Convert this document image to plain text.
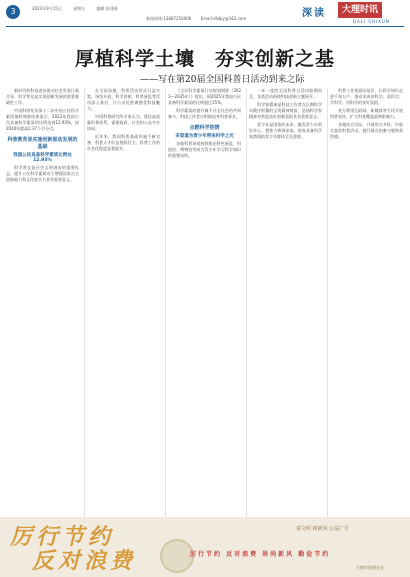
3	2023年9月15日	星期五	编辑:张建春
新闻热线:13887250006 Email:dlsbjy@163.com	深读	大理时讯
DALI SHIXUN
厚植科学土壤　夯实创新之基
——写在第20届全国科普日活动到来之际

新时代的科技进步推动社会发展日新月异，科学普及是实现创新发展的重要基础性工作。

中国科协发布第十二次中国公民科学素质抽样调查结果显示，2022年我国公民具备科学素质的比例达到12.93%，较2020年提高2.37个百分点。

科普教育是实施创新驱动发展的基础
我国公民具备科学素质比例达12.93%

科学普及是社会文明进步的重要标志，提升公民科学素质对于增强国家自主创新能力和文化软实力具有重要意义。

在全国各地，科普活动形式日益丰富，场馆开放、科学讲座、科普展览等活动深入基层，让公众近距离感受科技魅力。

中国科普研究所专家认为，建设高质量科普体系，需要政府、社会和公众多方协同。

近年来，我国科普基础设施不断完善，科普人才队伍持续壮大，科普工作的社会化程度显著提升。

《全民科学素质行动规划纲要（2021—2035年）》提出，到2025年我国公民具备科学素质的比例超过15%。

科学素质的提升离不开全社会的共同参与，科技工作者应积极投身科普事业。

点燃科学热情
多渠道为青少年带来科学之光

各地科普场馆持续推出特色展览，科技馆、博物馆等成为青少年学习科学知识的重要场所。

一年一度的全国科普日活动如期而至，各类活动围绕科技创新主题展开。

科学家精神是科技工作者在长期科学实践中积累的宝贵精神财富，弘扬科学家精神对营造良好创新氛围具有重要意义。

青少年是国家的未来，激发青少年的好奇心、想象力和探求欲，培育具备科学家潜质的青少年群体至关重要。

科普工作要面向基层，让科学知识走进千家万户，推动形成讲科学、爱科学、学科学、用科学的良好氛围。

充分利用互联网、新媒体等手段开展科普宣传，扩大科普覆盖面和影响力。

各地结合实际，开展形式多样、内容丰富的科普活动，提升群众的参与感和获得感。

厉行节约
反对浪费
请文明 树新风 公益广告
厉行节约 反对浪费 崇尚新风 勤俭节约
大理市创建办宣
